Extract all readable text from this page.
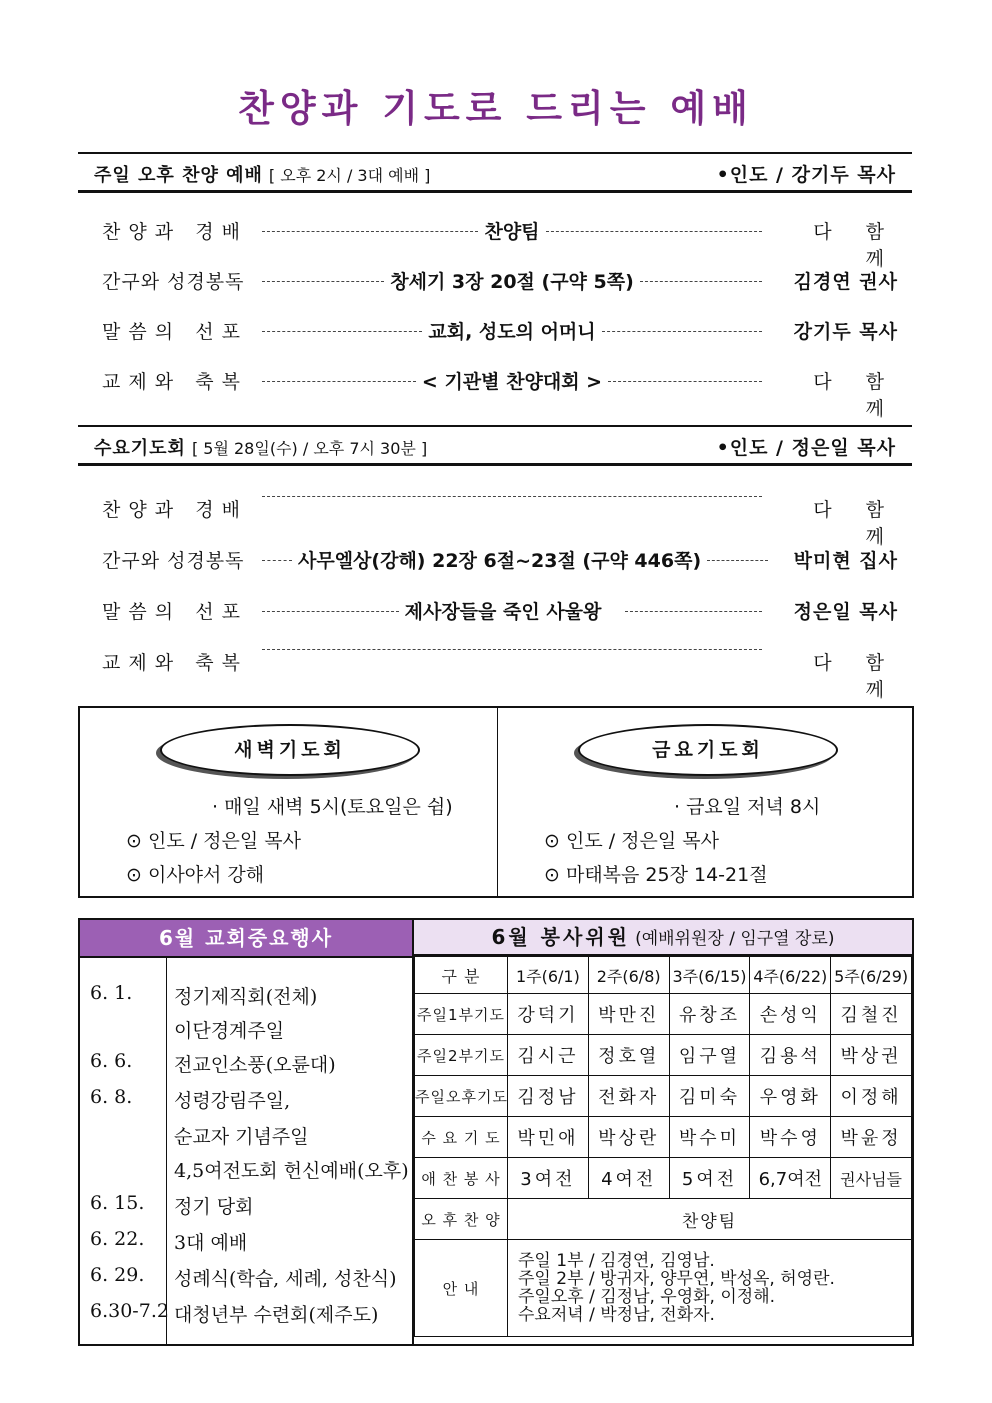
찬양과 기도로 드리는 예배
주일 오후 찬양 예배 [ 오후 2시 / 3대 예배 ]	•인도 / 강기두 목사
찬 양 과   경 배	찬양팀	다 함 께
간구와 성경봉독	창세기 3장 20절 (구약 5쪽)	김경연 권사
말 씀 의   선 포	교회, 성도의 어머니	강기두 목사
교 제 와   축 복	< 기관별 찬양대회 >	다 함 께
수요기도회 [ 5월 28일(수) / 오후 7시 30분 ]	•인도 / 정은일 목사
찬 양 과   경 배	다 함 께
간구와 성경봉독	사무엘상(강해) 22장 6절~23절 (구약 446쪽)	박미현 집사
말 씀 의   선 포	제사장들을 죽인 사울왕	정은일 목사
교 제 와   축 복	다 함 께
새벽기도회
· 매일 새벽 5시(토요일은 쉼)
⊙ 인도 / 정은일 목사
⊙ 이사야서 강해
금요기도회
· 금요일 저녁 8시
⊙ 인도 / 정은일 목사
⊙ 마태복음 25장 14-21절
6월 교회중요행사
6. 1. 정기제직회(전체)
이단경계주일
6. 6. 전교인소풍(오륜대)
6. 8. 성령강림주일,
순교자 기념주일
4,5여전도회 헌신예배(오후)
6. 15. 정기 당회
6. 22. 3대 예배
6. 29. 성례식(학습, 세례, 성찬식)
6.30-7.2 대청년부 수련회(제주도)
6월 봉사위원 (예배위원장 / 임구열 장로)
구 분	1주(6/1)	2주(6/8)	3주(6/15)	4주(6/22)	5주(6/29)
주일1부기도	강덕기	박만진	유창조	손성익	김철진
주일2부기도	김시근	정호열	임구열	김용석	박상권
주일오후기도	김정남	전화자	김미숙	우영화	이정해
수 요 기 도	박민애	박상란	박수미	박수영	박윤정
애 찬 봉 사	3여전	4여전	5여전	6,7여전	권사님들
오 후 찬 양	찬양팀				
안 내	주일 1부 / 김경연, 김영남.
주일 2부 / 방귀자, 양무연, 박성옥, 허영란.
주일오후 / 김정남, 우영화, 이정해.
수요저녁 / 박정남, 전화자.				
